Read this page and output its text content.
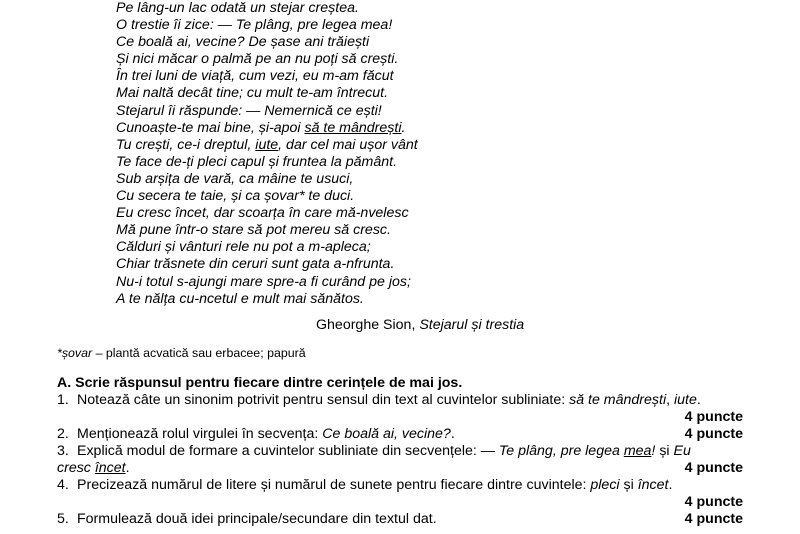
Pe lâng-un lac odată un stejar creștea.
O trestie îi zice: — Te plâng, pre legea mea!
Ce boală ai, vecine? De șase ani trăiești
Și nici măcar o palmă pe an nu poți să crești.
În trei luni de viață, cum vezi, eu m-am făcut
Mai naltă decât tine; cu mult te-am întrecut.
Stejarul îi răspunde: — Nemernică ce ești!
Cunoaște-te mai bine, și-apoi să te mândrești.
Tu crești, ce-i dreptul, iute, dar cel mai ușor vânt
Te face de-ți pleci capul și fruntea la pământ.
Sub arșița de vară, ca mâine te usuci,
Cu secera te taie, și ca șovar* te duci.
Eu cresc încet, dar scoarța în care mă-nvelesc
Mă pune într-o stare să pot mereu să cresc.
Călduri și vânturi rele nu pot a m-apleca;
Chiar trăsnete din ceruri sunt gata a-nfrunta.
Nu-i totul s-ajungi mare spre-a fi curând pe jos;
A te nălța cu-ncetul e mult mai sănătos.
Gheorghe Sion, Stejarul și trestia
*șovar – plantă acvatică sau erbacee; papură
A. Scrie răspunsul pentru fiecare dintre cerințele de mai jos.
1. Notează câte un sinonim potrivit pentru sensul din text al cuvintelor subliniate: să te mândrești, iute.
4 puncte
2. Menționează rolul virgulei în secvența: Ce boală ai, vecine?.	4 puncte
3. Explică modul de formare a cuvintelor subliniate din secvențele: — Te plâng, pre legea mea! și Eu
cresc încet.	4 puncte
4. Precizează numărul de litere și numărul de sunete pentru fiecare dintre cuvintele: pleci și încet.
4 puncte
5. Formulează două idei principale/secundare din textul dat.	4 puncte
